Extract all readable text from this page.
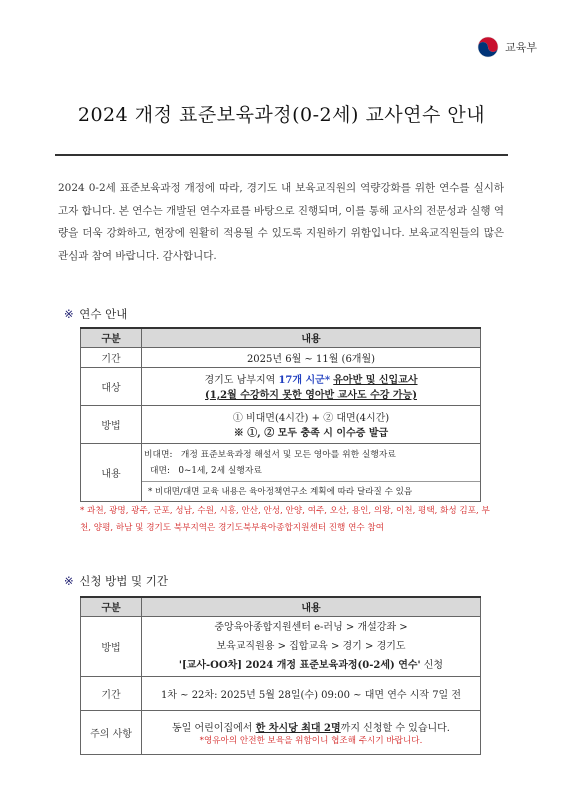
교육부
2024 개정 표준보육과정(0-2세) 교사연수 안내
2024 0-2세 표준보육과정 개정에 따라, 경기도 내 보육교직원의 역량강화를 위한 연수를 실시하고자 합니다. 본 연수는 개발된 연수자료를 바탕으로 진행되며, 이를 통해 교사의 전문성과 실행 역량을 더욱 강화하고, 현장에 원활히 적용될 수 있도록 지원하기 위함입니다. 보육교직원들의 많은 관심과 참여 바랍니다. 감사합니다.
※ 연수 안내
구분	내용
기간	2025년 6월 ~ 11월 (6개월)
대상	경기도 남부지역 17개 시군* 유아반 및 신입교사
(1,2월 수강하지 못한 영아반 교사도 수강 가능)

방법	① 비대면(4시간) + ② 대면(4시간)
※ ①, ② 모두 충족 시 이수증 발급

내용	비대면: 개정 표준보육과정 해설서 및 모든 영아를 위한 실행자료
대면: 0~1세, 2세 실행자료
* 비대면/대면 교육 내용은 육아정책연구소 계획에 따라 달라질 수 있음
* 과천, 광명, 광주, 군포, 성남, 수원, 시흥, 안산, 안성, 안양, 여주, 오산, 용인, 의왕, 이천, 평택, 화성 김포, 부천, 양평, 하남 및 경기도 북부지역은 경기도북부육아종합지원센터 진행 연수 참여
※ 신청 방법 및 기간
구분	내용
방법	중앙육아종합지원센터 e-러닝 > 개설강좌 >
보육교직원용 > 집합교육 > 경기 > 경기도
'[교사-OO차] 2024 개정 표준보육과정(0-2세) 연수' 신청

기간	1차 ~ 22차: 2025년 5월 28일(수) 09:00 ~ 대면 연수 시작 7일 전
주의 사항	동일 어린이집에서 한 차시당 최대 2명까지 신청할 수 있습니다.
*영유아의 안전한 보육을 위함이니 협조해 주시기 바랍니다.
